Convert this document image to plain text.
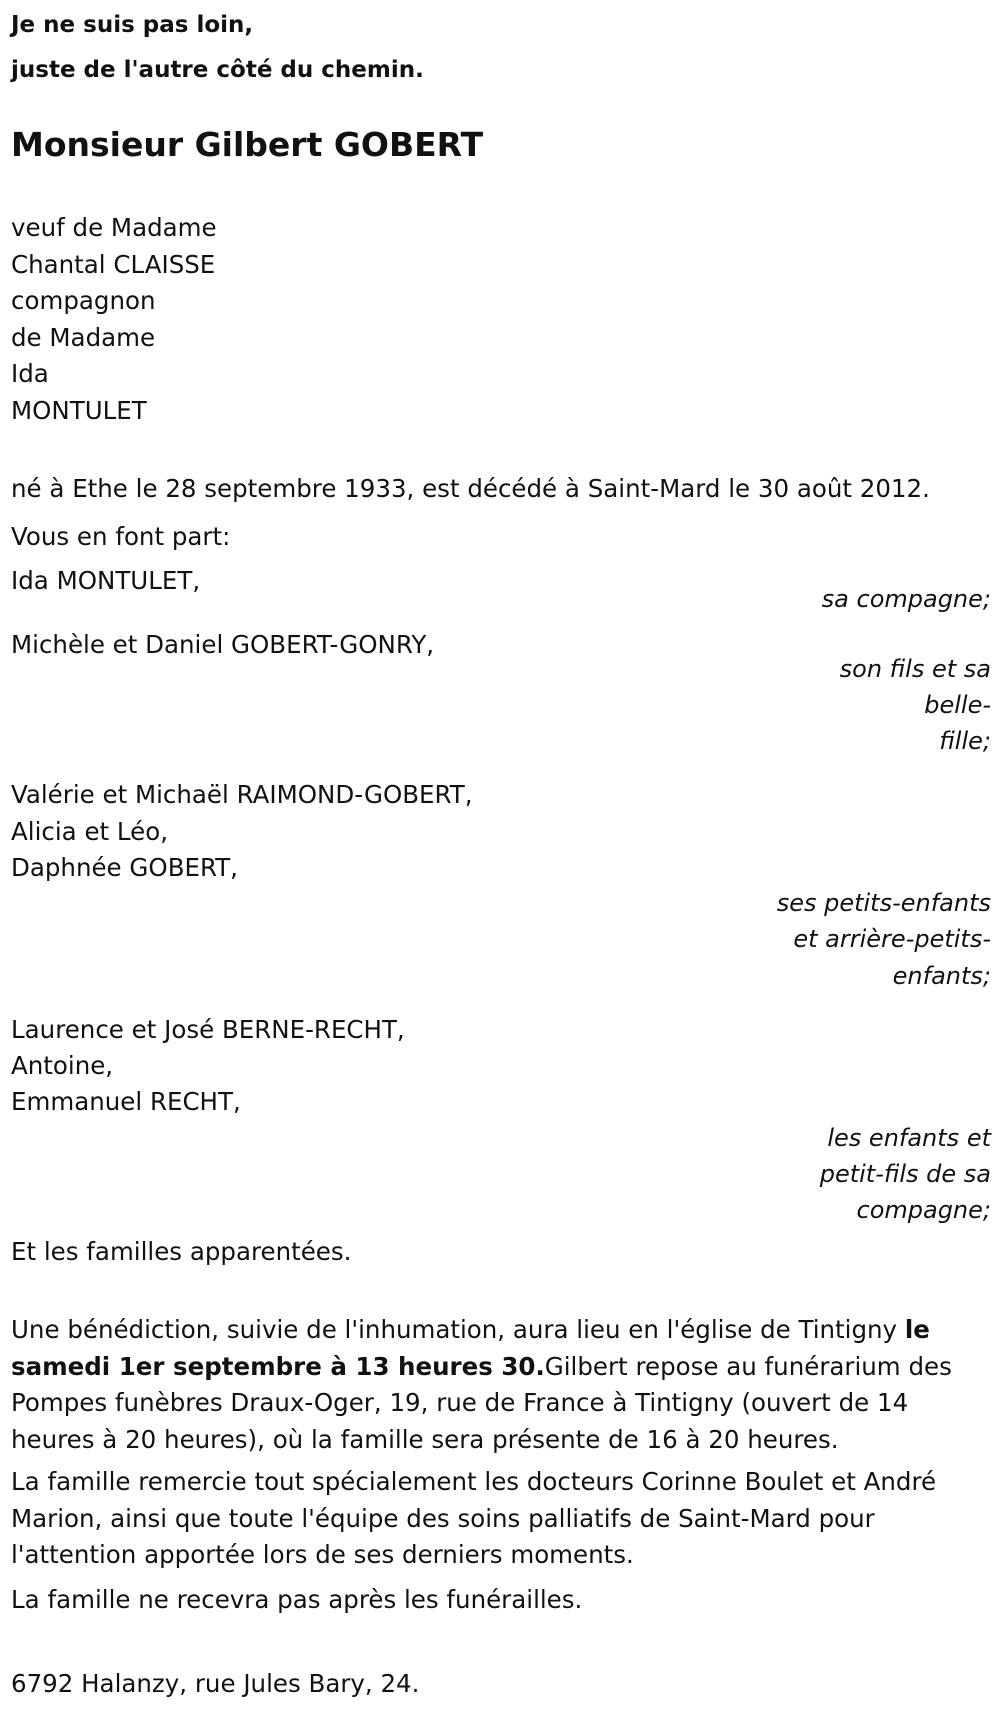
Je ne suis pas loin,
juste de l'autre côté du chemin.
Monsieur Gilbert GOBERT
veuf de Madame
Chantal CLAISSE
compagnon
de Madame
Ida
MONTULET
né à Ethe le 28 septembre 1933, est décédé à Saint-Mard le 30 août 2012.
Vous en font part:
Ida MONTULET,
sa compagne;
Michèle et Daniel GOBERT-GONRY,
son fils et sa belle-
fille;
Valérie et Michaël RAIMOND-GOBERT,
Alicia et Léo,
Daphnée GOBERT,
ses petits-enfants
et arrière-petits-
enfants;
Laurence et José BERNE-RECHT,
Antoine,
Emmanuel RECHT,
les enfants et
petit-fils de sa
compagne;
Et les familles apparentées.
Une bénédiction, suivie de l'inhumation, aura lieu en l'église de Tintigny le samedi 1er septembre à 13 heures 30.Gilbert repose au funérarium des Pompes funèbres Draux-Oger, 19, rue de France à Tintigny (ouvert de 14 heures à 20 heures), où la famille sera présente de 16 à 20 heures.
La famille remercie tout spécialement les docteurs Corinne Boulet et André Marion, ainsi que toute l'équipe des soins palliatifs de Saint-Mard pour l'attention apportée lors de ses derniers moments.
La famille ne recevra pas après les funérailles.
6792 Halanzy, rue Jules Bary, 24.
